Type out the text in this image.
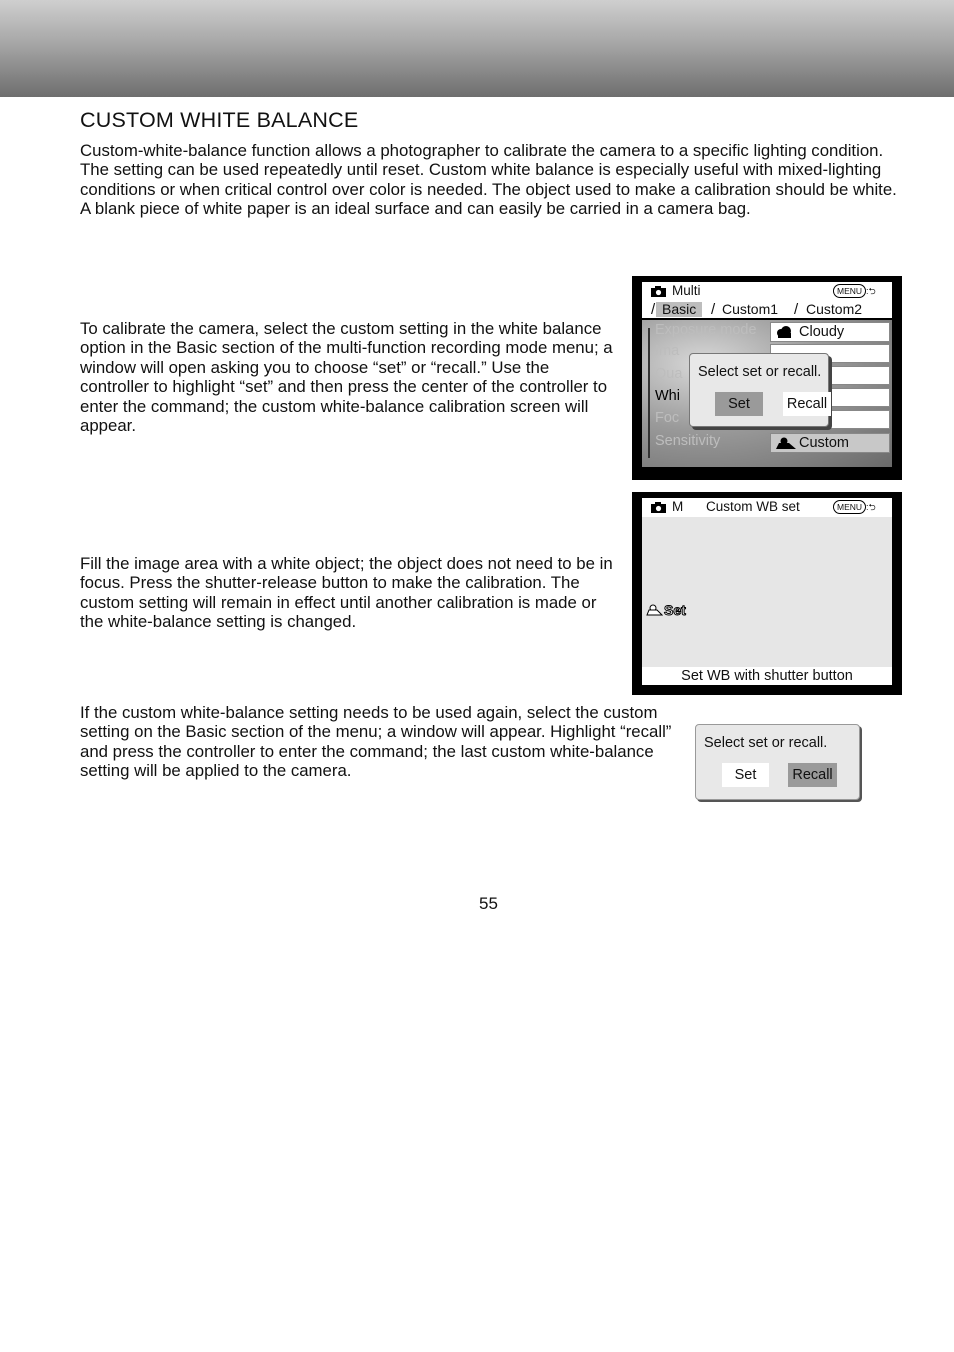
CUSTOM WHITE BALANCE

Custom-white-balance function allows a photographer to calibrate the camera to a specific lighting condition. The setting can be used repeatedly until reset. Custom white balance is especially useful with mixed-lighting conditions or when critical control over color is needed. The object used to make a calibration should be white. A blank piece of white paper is an ideal surface and can easily be carried in a camera bag.

To calibrate the camera, select the custom setting in the white balance option in the Basic section of the multi-function recording mode menu; a window will open asking you to choose “set” or “recall.” Use the controller to highlight “set” and then press the center of the controller to enter the command; the custom white-balance calibration screen will appear.

Fill the image area with a white object; the object does not need to be in focus. Press the shutter-release button to make the calibration. The custom setting will remain in effect until another calibration is made or the white-balance setting is changed.

If the custom white-balance setting needs to be used again, select the custom setting on the Basic section of the menu; a window will appear. Highlight “recall” and press the controller to enter the command; the last custom white-balance setting will be applied to the camera.

Multi	MENU :⮌
/ Basic / Custom1	/ Custom2
Exposure mode
Ima
Qua
Whi
Foc
Sensitivity
Cloudy
Custom
Select set or recall.
Set	Recall
M Custom WB set	MENU :⮌
Set
Set WB with shutter button
Select set or recall.
Set	Recall
55
